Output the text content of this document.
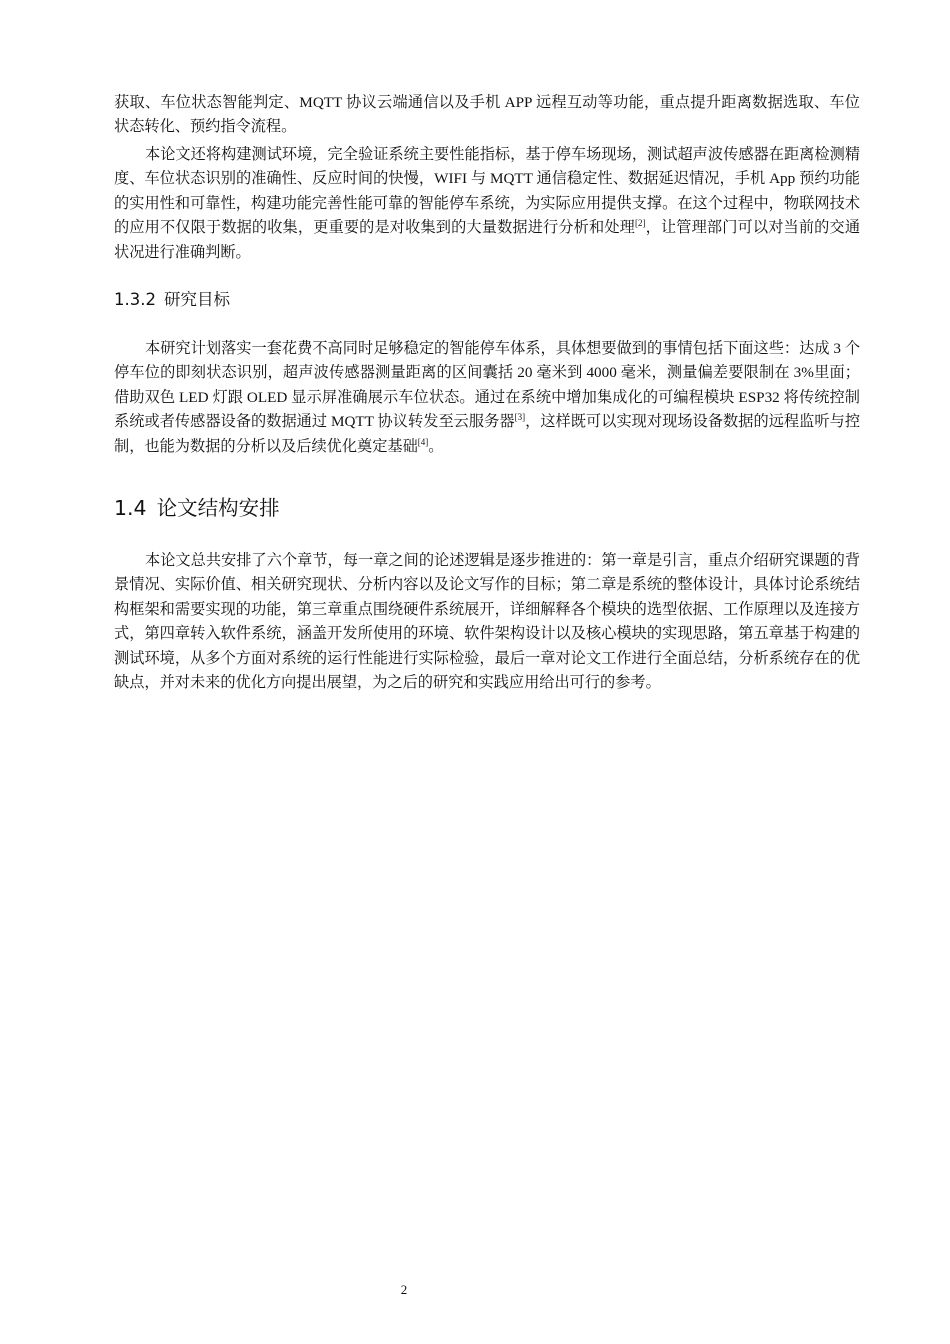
获取、车位状态智能判定、MQTT 协议云端通信以及手机 APP 远程互动等功能，重点提升距离数据选取、车位状态转化、预约指令流程。

本论文还将构建测试环境，完全验证系统主要性能指标，基于停车场现场，测试超声波传感器在距离检测精度、车位状态识别的准确性、反应时间的快慢，WIFI 与 MQTT 通信稳定性、数据延迟情况，手机 App 预约功能的实用性和可靠性，构建功能完善性能可靠的智能停车系统，为实际应用提供支撑。在这个过程中，物联网技术的应用不仅限于数据的收集，更重要的是对收集到的大量数据进行分析和处理[2]，让管理部门可以对当前的交通状况进行准确判断。

1.3.2 研究目标

本研究计划落实一套花费不高同时足够稳定的智能停车体系，具体想要做到的事情包括下面这些：达成 3 个停车位的即刻状态识别，超声波传感器测量距离的区间囊括 20 毫米到 4000 毫米，测量偏差要限制在 3%里面；借助双色 LED 灯跟 OLED 显示屏准确展示车位状态。通过在系统中增加集成化的可编程模块 ESP32 将传统控制系统或者传感器设备的数据通过 MQTT 协议转发至云服务器[3]，这样既可以实现对现场设备数据的远程监听与控制，也能为数据的分析以及后续优化奠定基础[4]。

1.4 论文结构安排

本论文总共安排了六个章节，每一章之间的论述逻辑是逐步推进的：第一章是引言，重点介绍研究课题的背景情况、实际价值、相关研究现状、分析内容以及论文写作的目标；第二章是系统的整体设计，具体讨论系统结构框架和需要实现的功能，第三章重点围绕硬件系统展开，详细解释各个模块的选型依据、工作原理以及连接方式，第四章转入软件系统，涵盖开发所使用的环境、软件架构设计以及核心模块的实现思路，第五章基于构建的测试环境，从多个方面对系统的运行性能进行实际检验，最后一章对论文工作进行全面总结，分析系统存在的优缺点，并对未来的优化方向提出展望，为之后的研究和实践应用给出可行的参考。

2
